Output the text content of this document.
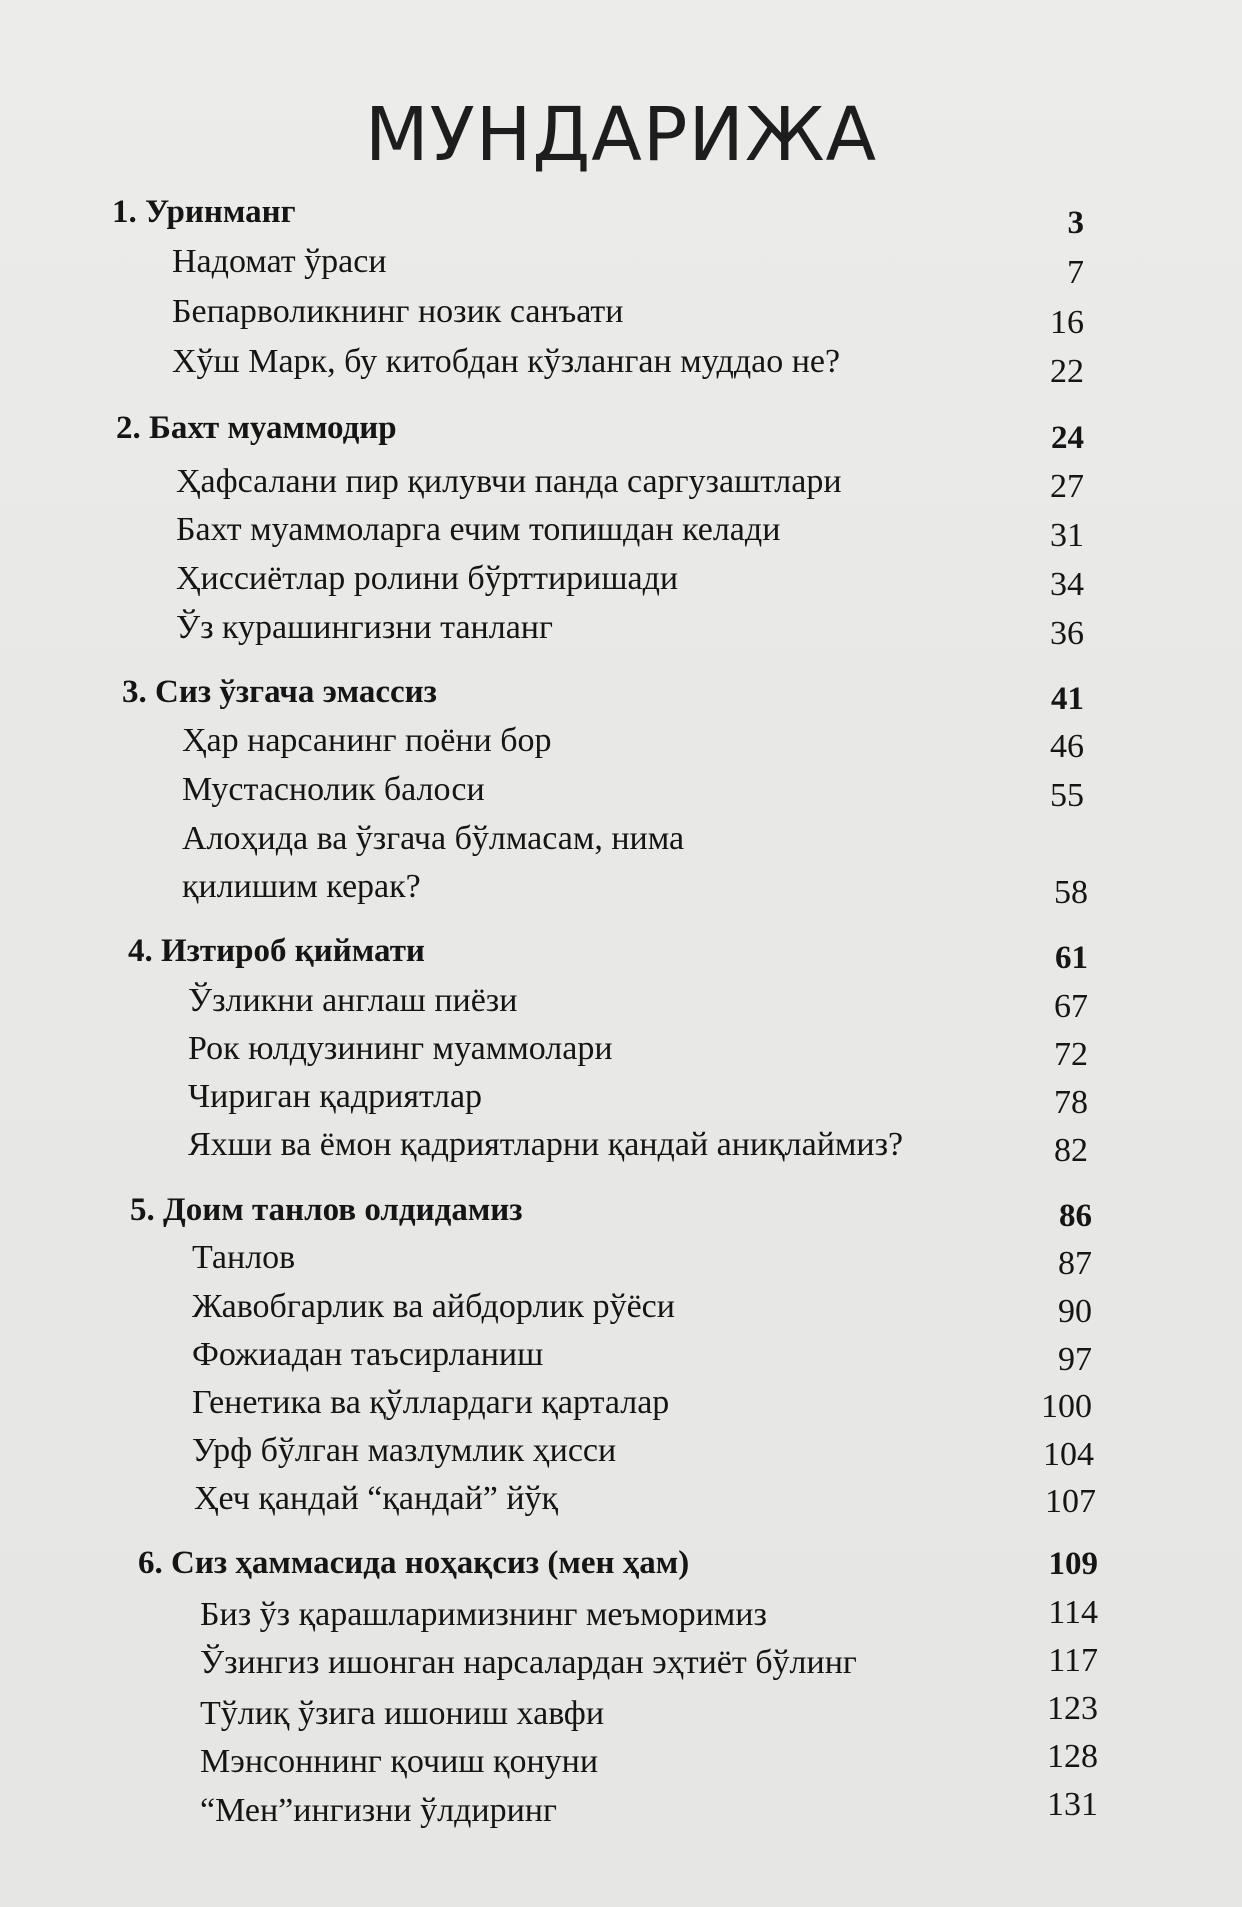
МУНДАРИЖА
1. Уринманг	3
Надомат ўраси	7
Бепарволикнинг нозик санъати	16
Хўш Марк, бу китобдан кўзланган муддао не?	22
2. Бахт муаммодир	24
Ҳафсалани пир қилувчи панда саргузаштлари	27
Бахт муаммоларга ечим топишдан келади	31
Ҳиссиётлар ролини бўрттиришади	34
Ўз курашингизни танланг	36
3. Сиз ўзгача эмассиз	41
Ҳар нарсанинг поёни бор	46
Мустаснолик балоси	55
Алоҳида ва ўзгача бўлмасам, нима
қилишим керак?	58
4. Изтироб қиймати	61
Ўзликни англаш пиёзи	67
Рок юлдузининг муаммолари	72
Чириган қадриятлар	78
Яхши ва ёмон қадриятларни қандай аниқлаймиз?	82
5. Доим танлов олдидамиз	86
Танлов	87
Жавобгарлик ва айбдорлик рўёси	90
Фожиадан таъсирланиш	97
Генетика ва қўллардаги қарталар	100
Урф бўлган мазлумлик ҳисси	104
Ҳеч қандай “қандай” йўқ	107
6. Сиз ҳаммасида ноҳақсиз (мен ҳам)	109
Биз ўз қарашларимизнинг меъморимиз	114
Ўзингиз ишонган нарсалардан эҳтиёт бўлинг	117
Тўлиқ ўзига ишониш хавфи	123
Мэнсоннинг қочиш қонуни	128
“Мен”ингизни ўлдиринг	131
